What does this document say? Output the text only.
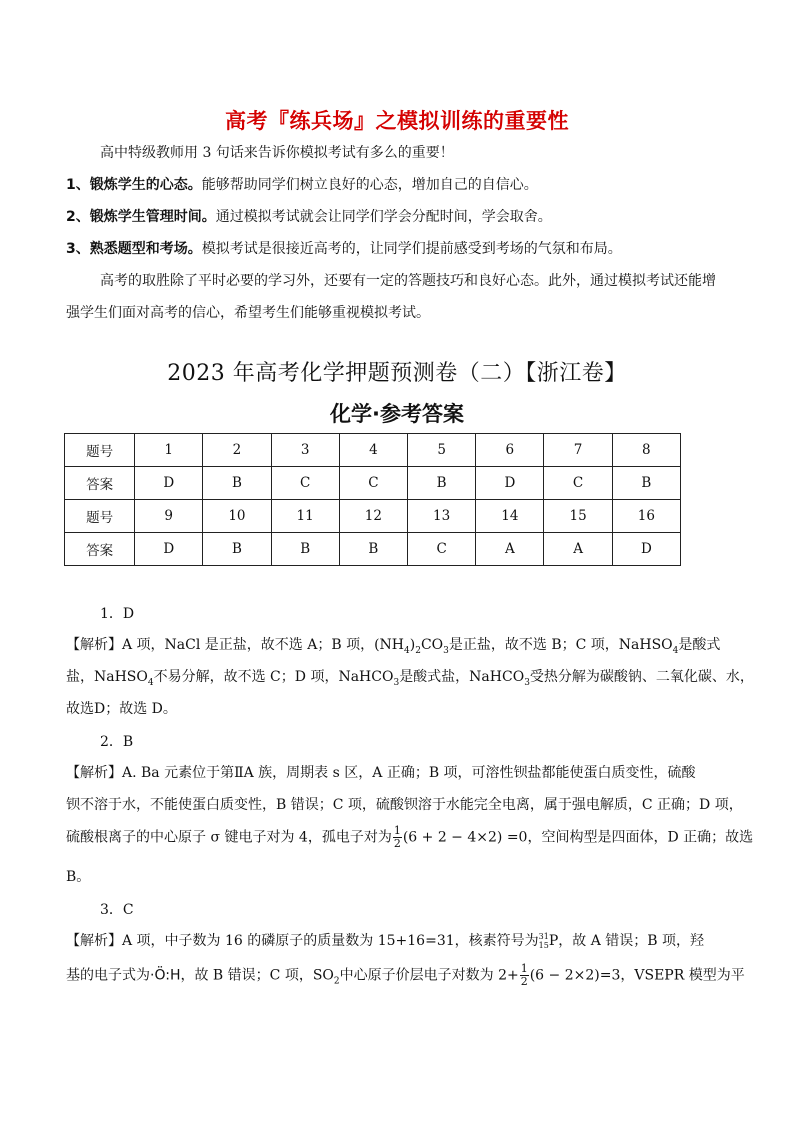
高考『练兵场』之模拟训练的重要性
高中特级教师用 3 句话来告诉你模拟考试有多么的重要！
1、锻炼学生的心态。能够帮助同学们树立良好的心态，增加自己的自信心。
2、锻炼学生管理时间。通过模拟考试就会让同学们学会分配时间，学会取舍。
3、熟悉题型和考场。模拟考试是很接近高考的，让同学们提前感受到考场的气氛和布局。
高考的取胜除了平时必要的学习外，还要有一定的答题技巧和良好心态。此外，通过模拟考试还能增
强学生们面对高考的信心，希望考生们能够重视模拟考试。
2023 年高考化学押题预测卷（二）【浙江卷】
化学·参考答案
题号	1	2	3	4	5	6	7	8
答案	D	B	C	C	B	D	C	B
题号	9	10	11	12	13	14	15	16
答案	D	B	B	B	C	A	A	D
1．D
【解析】A 项，NaCl 是正盐，故不选 A；B 项，$(NH_4)_2CO_3$是正盐，故不选 B；C 项，NaHSO$_4$是酸式
盐，NaHSO$_4$不易分解，故不选 C；D 项，NaHCO$_3$是酸式盐，NaHCO$_3$受热分解为碳酸钠、二氧化碳、水，
故选D；故选 D。
2．B
【解析】A. Ba 元素位于第ⅡA 族，周期表 s 区，A 正确；B 项，可溶性钡盐都能使蛋白质变性，硫酸
钡不溶于水，不能使蛋白质变性，B 错误；C 项，硫酸钡溶于水能完全电离，属于强电解质，C 正确；D 项，
硫酸根离子的中心原子 σ 键电子对为 4，孤电子对为 $\frac{1}{2} (6 + 2 - 4\times 2) =0$，空间构型是四面体，D 正确；故选
B。
3．C
【解析】A 项，中子数为 16 的磷原子的质量数为 15+16=31，核素符号为 31
15 P，故 A 错误；B 项，羟
基的电子式为·Ö:H，故 B 错误；C 项，$SO_2$中心原子价层电子对数为 $2+ \frac{1}{2} (6 - 2\times 2)=3$，VSEPR 模型为平
